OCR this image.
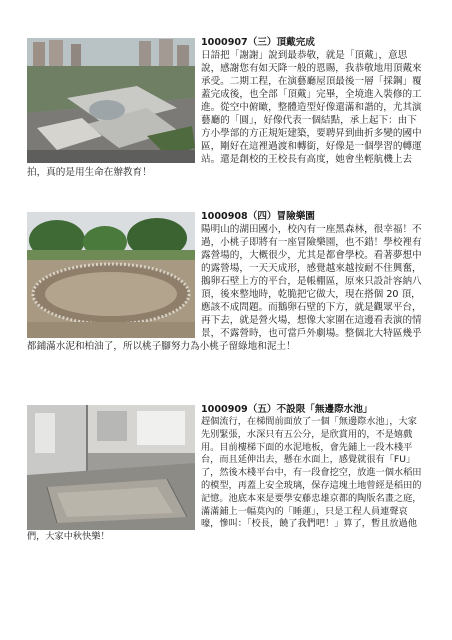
1000907（三）頂戴完成
日語把「謝謝」說到最恭敬，就是「頂戴」，意思說，感謝您有如天降一般的恩賜，我恭敬地用頂戴來承受。二期工程，在演藝廳屋頂最後一層「採鋼」覆蓋完成後，也全部「頂戴」完畢，全境進入裝修的工進。從空中俯瞰，整體造型好像還滿和諧的，尤其演藝廳的「圓」，好像代表一個結點，承上起下：由下方小學部的方正規矩建築，要聘昇到曲折多變的國中區，剛好在這裡過渡和轉銜，好像是一個學習的轉運站。還是創校的王校長有高度，她會坐輕航機上去拍，真的是用生命在辦教育！
1000908（四）冒險樂園
陽明山的湖田國小，校內有一座黑森林，很幸福！不過，小桃子即將有一座冒險樂園，也不錯！學校裡有露營場的，大概很少，尤其是都會學校。看著夢想中的露營場，一天天成形，感覺越來越按耐不住興奮，鵝卵石壁上方的平台，是帳棚區，原來只設計容納八頂，後來整地時，乾脆把它做大，現在搭個 20 頂，應該不成問題。而鵝卵石壁的下方，就是觀眾平台，再下去，就是營火場，想像大家圍在這邊看表演的情景，不露營時，也可當戶外劇場。整個北大特區幾乎都鋪滿水泥和柏油了，所以桃子腳努力為小桃子留綠地和泥土！
1000909（五）不設限「無邊際水池」
趕個流行，在梯間前面放了一個「無邊際水池」，大家先別緊張，水深只有五公分，是欣賞用的，不是嬉戲用。目前樓梯下面的水泥地板，會先鋪上一段木棧平台，而且延伸出去，懸在水面上，感覺就很有「FU」了，然後木棧平台中，有一段會挖空，放進一個水稻田的模型，再蓋上安全玻璃，保存這塊土地曾經是稻田的記憶。池底本來是要學安藤忠雄京都的陶版名畫之庭，滿滿鋪上一幅莫內的「睡蓮」，只是工程人員連聲哀嚎，慘叫：「校長，饒了我們吧！」算了，暫且放過他們，大家中秋快樂！
